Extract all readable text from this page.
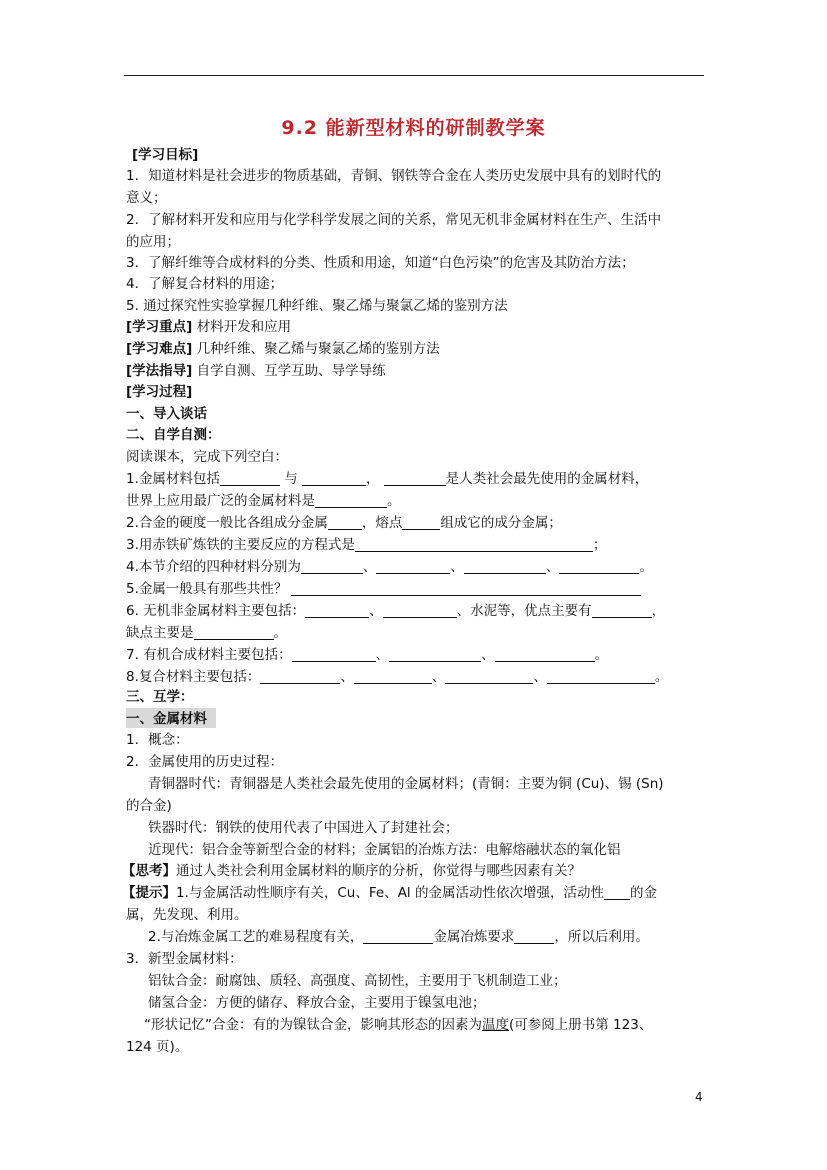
9.2 能新型材料的研制教学案
[学习目标]
1．知道材料是社会进步的物质基础，青铜、钢铁等合金在人类历史发展中具有的划时代的
意义；
2．了解材料开发和应用与化学科学发展之间的关系，常见无机非金属材料在生产、生活中
的应用；
3．了解纤维等合成材料的分类、性质和用途，知道“白色污染”的危害及其防治方法；
4．了解复合材料的用途；
5. 通过探究性实验掌握几种纤维、聚乙烯与聚氯乙烯的鉴别方法
[学习重点] 材料开发和应用
[学习难点] 几种纤维、聚乙烯与聚氯乙烯的鉴别方法
[学法指导] 自学自测、互学互助、导学导练
[学习过程]
一、导入谈话
二、自学自测：
阅读课本，完成下列空白：
1.金属材料包括	与	，	是人类社会最先使用的金属材料，
世界上应用最广泛的金属材料是	。
2.合金的硬度一般比各组成分金属	，熔点	组成它的成分金属；
3.用赤铁矿炼铁的主要反应的方程式是	；
4.本节介绍的四种材料分别为	、	、	、	。
5.金属一般具有那些共性？
6. 无机非金属材料主要包括：	、	、水泥等，优点主要有	，
缺点主要是	。
7. 有机合成材料主要包括：	、	、	。
8.复合材料主要包括：	、	、	、	。
三、互学：
一、金属材料
1．概念：
2．金属使用的历史过程：
青铜器时代：青铜器是人类社会最先使用的金属材料；(青铜：主要为铜 (Cu)、锡 (Sn)
的合金)
铁器时代：钢铁的使用代表了中国进入了封建社会；
近现代：铝合金等新型合金的材料；金属铝的冶炼方法：电解熔融状态的氧化铝
【思考】通过人类社会利用金属材料的顺序的分析，你觉得与哪些因素有关？
【提示】1.与金属活动性顺序有关，Cu、Fe、Al 的金属活动性依次增强，活动性 的金
属，先发现、利用。
2.与冶炼金属工艺的难易程度有关，	金属冶炼要求	，所以后利用。
3．新型金属材料：
铝钛合金：耐腐蚀、质轻、高强度、高韧性，主要用于飞机制造工业；
储氢合金：方便的储存、释放合金，主要用于镍氢电池；
“形状记忆”合金：有的为镍钛合金，影响其形态的因素为温度(可参阅上册书第 123、
124 页)。
4
